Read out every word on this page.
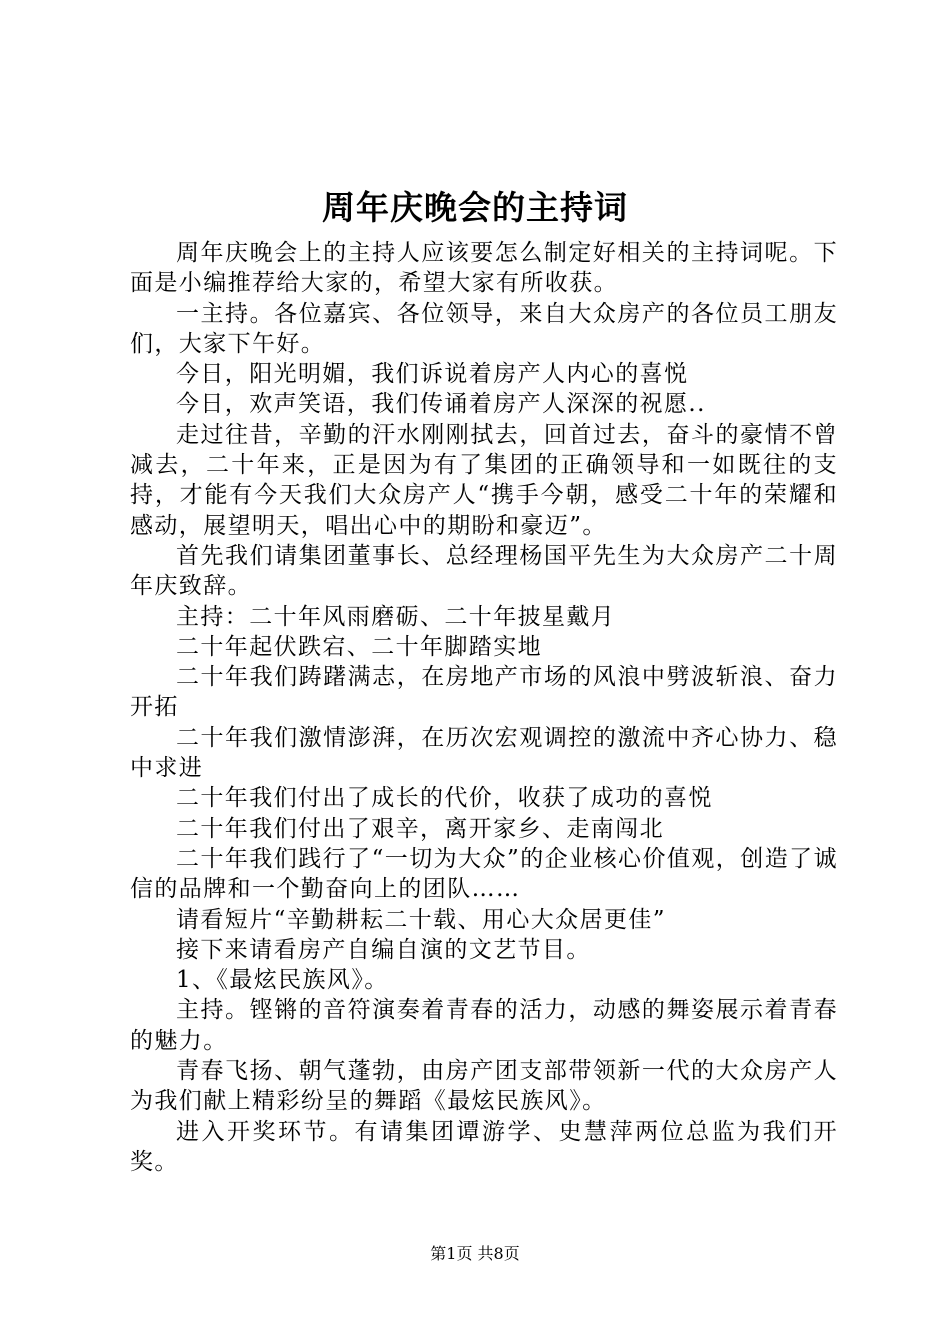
周年庆晚会的主持词

周年庆晚会上的主持人应该要怎么制定好相关的主持词呢。下面是小编推荐给大家的，希望大家有所收获。

一主持。各位嘉宾、各位领导，来自大众房产的各位员工朋友们，大家下午好。

今日，阳光明媚，我们诉说着房产人内心的喜悦

今日，欢声笑语，我们传诵着房产人深深的祝愿..

走过往昔，辛勤的汗水刚刚拭去，回首过去，奋斗的豪情不曾减去，二十年来，正是因为有了集团的正确领导和一如既往的支持，才能有今天我们大众房产人“携手今朝，感受二十年的荣耀和感动，展望明天，唱出心中的期盼和豪迈”。

首先我们请集团董事长、总经理杨国平先生为大众房产二十周年庆致辞。

主持：二十年风雨磨砺、二十年披星戴月

二十年起伏跌宕、二十年脚踏实地

二十年我们踌躇满志，在房地产市场的风浪中劈波斩浪、奋力开拓

二十年我们激情澎湃，在历次宏观调控的激流中齐心协力、稳中求进

二十年我们付出了成长的代价，收获了成功的喜悦

二十年我们付出了艰辛，离开家乡、走南闯北

二十年我们践行了“一切为大众”的企业核心价值观，创造了诚信的品牌和一个勤奋向上的团队……

请看短片“辛勤耕耘二十载、用心大众居更佳”

接下来请看房产自编自演的文艺节目。

1、《最炫民族风》。

主持。铿锵的音符演奏着青春的活力，动感的舞姿展示着青春的魅力。

青春飞扬、朝气蓬勃，由房产团支部带领新一代的大众房产人为我们献上精彩纷呈的舞蹈《最炫民族风》。

进入开奖环节。有请集团谭游学、史慧萍两位总监为我们开奖。

第1页 共8页
